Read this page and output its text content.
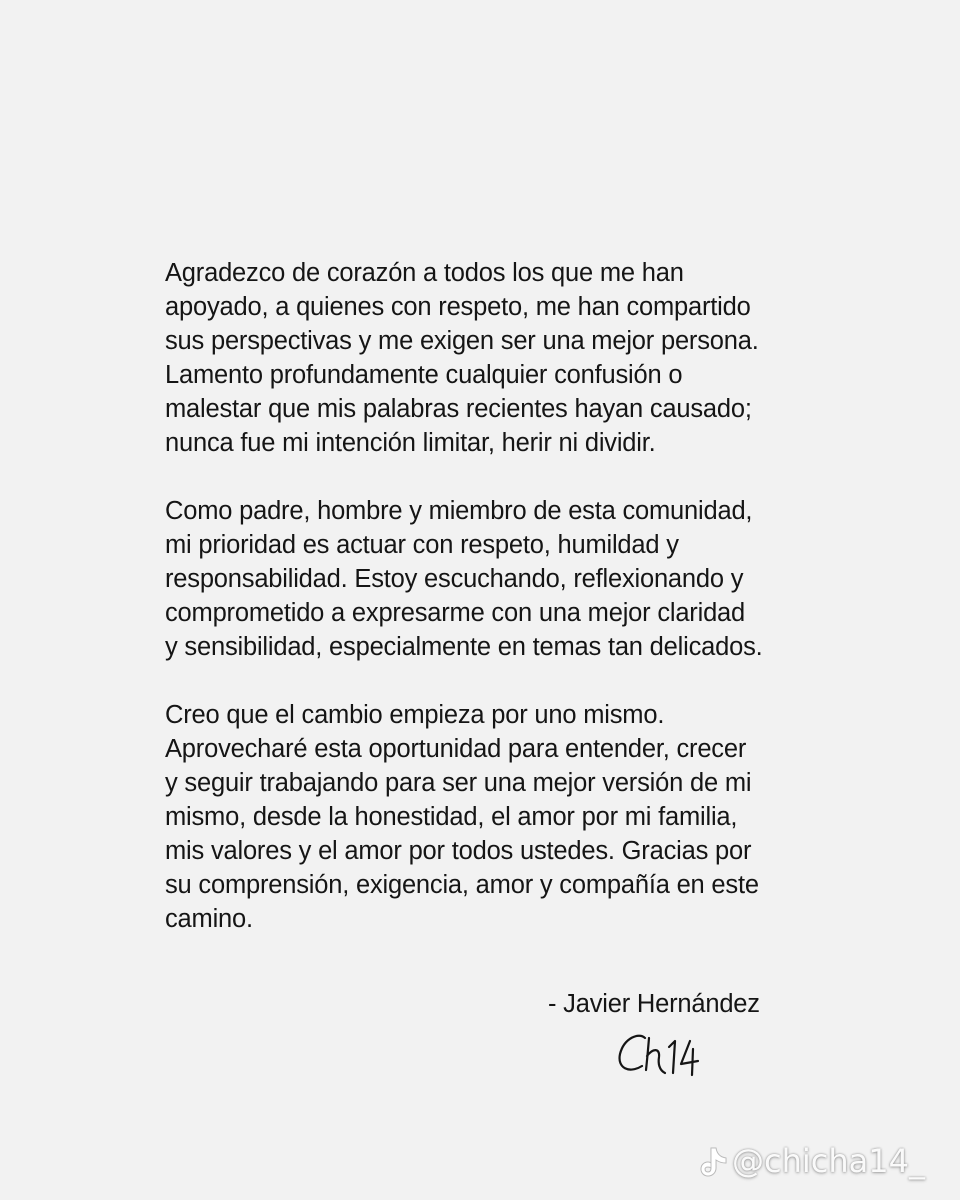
Agradezco de corazón a todos los que me han
apoyado, a quienes con respeto, me han compartido
sus perspectivas y me exigen ser una mejor persona.
Lamento profundamente cualquier confusión o
malestar que mis palabras recientes hayan causado;
nunca fue mi intención limitar, herir ni dividir.

Como padre, hombre y miembro de esta comunidad,
mi prioridad es actuar con respeto, humildad y
responsabilidad. Estoy escuchando, reflexionando y
comprometido a expresarme con una mejor claridad
y sensibilidad, especialmente en temas tan delicados.

Creo que el cambio empieza por uno mismo.
Aprovecharé esta oportunidad para entender, crecer
y seguir trabajando para ser una mejor versión de mi
mismo, desde la honestidad, el amor por mi familia,
mis valores y el amor por todos ustedes. Gracias por
su comprensión, exigencia, amor y compañía en este
camino.

- Javier Hernández
@chicha14_
